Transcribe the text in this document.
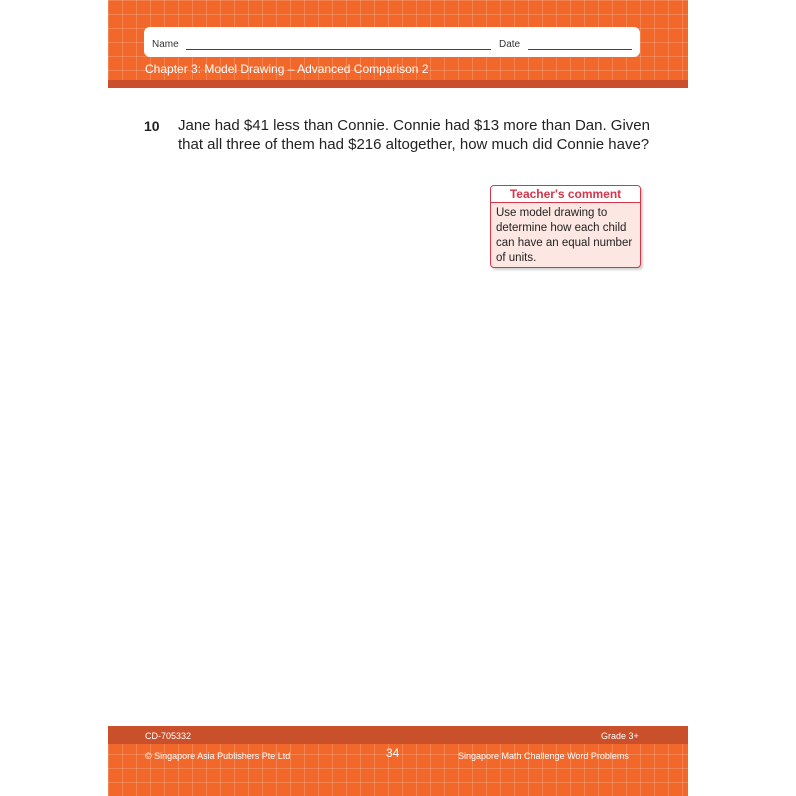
Name	Date
Chapter 3: Model Drawing – Advanced Comparison 2
10 Jane had $41 less than Connie. Connie had $13 more than Dan. Given that all three of them had $216 altogether, how much did Connie have?
Teacher's comment
Use model drawing to determine how each child can have an equal number of units.
CD-705332	Grade 3+
© Singapore Asia Publishers Pte Ltd	34	Singapore Math Challenge Word Problems
